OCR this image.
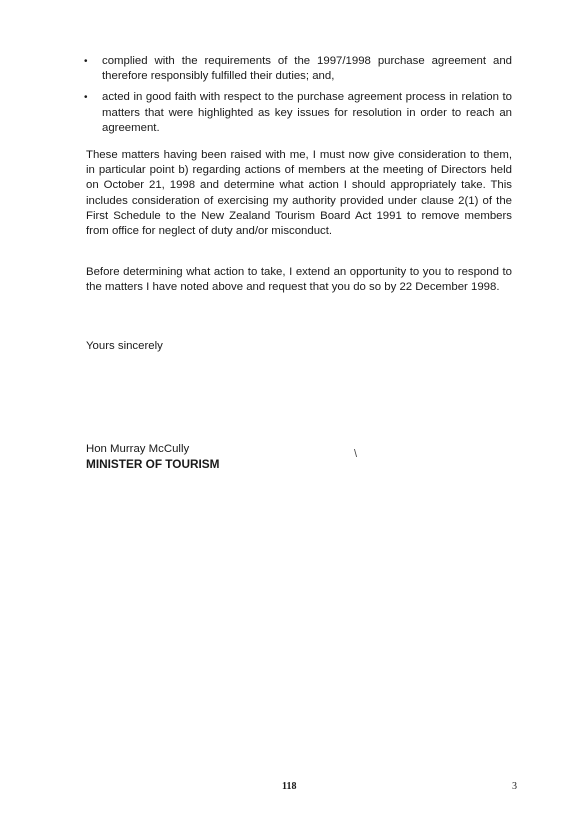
• complied with the requirements of the 1997/1998 purchase agreement and therefore responsibly fulfilled their duties; and,
• acted in good faith with respect to the purchase agreement process in relation to matters that were highlighted as key issues for resolution in order to reach an agreement.

These matters having been raised with me, I must now give consideration to them, in particular point b) regarding actions of members at the meeting of Directors held on October 21, 1998 and determine what action I should appropriately take. This includes consideration of exercising my authority provided under clause 2(1) of the First Schedule to the New Zealand Tourism Board Act 1991 to remove members from office for neglect of duty and/or misconduct.

Before determining what action to take, I extend an opportunity to you to respond to the matters I have noted above and request that you do so by 22 December 1998.

Yours sincerely
Hon Murray McCully
MINISTER OF TOURISM
\
118	3
